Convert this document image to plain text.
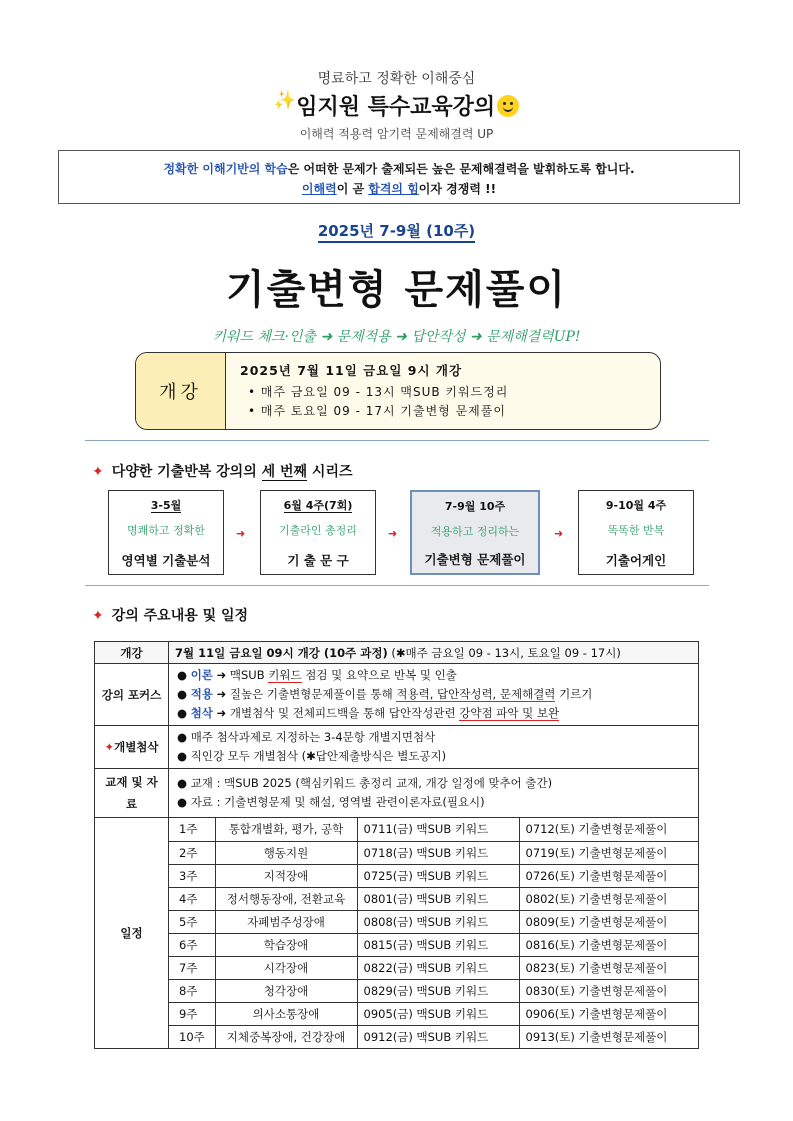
명료하고 정확한 이해중심
✨임지원 특수교육강의
이해력 적용력 암기력 문제해결력 UP
정확한 이해기반의 학습은 어떠한 문제가 출제되든 높은 문제해결력을 발휘하도록 합니다.
이해력이 곧 합격의 힘이자 경쟁력 !!
2025년 7-9월 (10주)
기출변형 문제풀이
키워드 체크·인출 ➜ 문제적용 ➜ 답안작성 ➜ 문제해결력UP!
개강
2025년 7월 11일 금요일 9시 개강
• 매주 금요일 09 - 13시 맥SUB 키워드정리
• 매주 토요일 09 - 17시 기출변형 문제풀이
✦ 다양한 기출반복 강의의 세 번째 시리즈
3-5월
명쾌하고 정확한
영역별 기출분석
➜
6월 4주(7회)
기출라인 총정리
기 출 문 구
➜
7-9월 10주
적용하고 정리하는
기출변형 문제풀이
➜
9-10월 4주
똑똑한 반복
기출어게인
✦ 강의 주요내용 및 일정
개강	7월 11일 금요일 09시 개강 (10주 과정) (✱매주 금요일 09 - 13시, 토요일 09 - 17시)
강의 포커스	
● 이론 ➜ 맥SUB 키워드 점검 및 요약으로 반복 및 인출
● 적용 ➜ 질높은 기출변형문제풀이를 통해 적용력, 답안작성력, 문제해결력 기르기
● 첨삭 ➜ 개별첨삭 및 전체피드백을 통해 답안작성관련 강약점 파악 및 보완

✦개별첨삭	
● 매주 첨삭과제로 지정하는 3-4문항 개별지면첨삭
● 직인강 모두 개별첨삭 (✱답안제출방식은 별도공지)

교재 및 자료	
● 교재 : 맥SUB 2025 (핵심키워드 총정리 교재, 개강 일정에 맞추어 출간)
● 자료 : 기출변형문제 및 해설, 영역별 관련이론자료(필요시)

일정	
1주	통합개별화, 평가, 공학	0711(금) 맥SUB 키워드	0712(토) 기출변형문제풀이
2주	행동지원	0718(금) 맥SUB 키워드	0719(토) 기출변형문제풀이
3주	지적장애	0725(금) 맥SUB 키워드	0726(토) 기출변형문제풀이
4주	정서행동장애, 전환교육	0801(금) 맥SUB 키워드	0802(토) 기출변형문제풀이
5주	자폐범주성장애	0808(금) 맥SUB 키워드	0809(토) 기출변형문제풀이
6주	학습장애	0815(금) 맥SUB 키워드	0816(토) 기출변형문제풀이
7주	시각장애	0822(금) 맥SUB 키워드	0823(토) 기출변형문제풀이
8주	청각장애	0829(금) 맥SUB 키워드	0830(토) 기출변형문제풀이
9주	의사소통장애	0905(금) 맥SUB 키워드	0906(토) 기출변형문제풀이
10주	지체중복장애, 건강장애	0912(금) 맥SUB 키워드	0913(토) 기출변형문제풀이
